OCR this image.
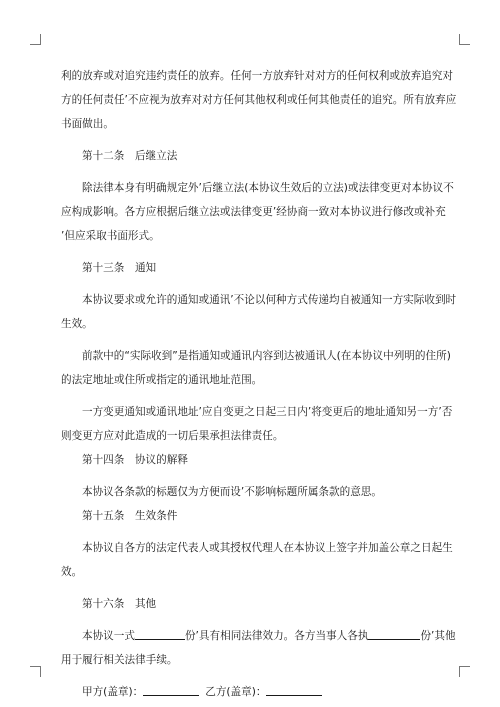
利的放弃或对追究违约责任的放弃。任何一方放弃针对对方的任何权利或放弃追究对
方的任何责任’不应视为放弃对对方任何其他权利或任何其他责任的追究。所有放弃应
书面做出。
第十二条　后继立法
除法律本身有明确规定外’后继立法(本协议生效后的立法)或法律变更对本协议不
应构成影响。各方应根据后继立法或法律变更’经协商一致对本协议进行修改或补充
’但应采取书面形式。
第十三条　通知
本协议要求或允许的通知或通讯’不论以何种方式传递均自被通知一方实际收到时
生效。
前款中的“实际收到”是指通知或通讯内容到达被通讯人(在本协议中列明的住所)
的法定地址或住所或指定的通讯地址范围。
一方变更通知或通讯地址’应自变更之日起三日内’将变更后的地址通知另一方’否
则变更方应对此造成的一切后果承担法律责任。
第十四条　协议的解释
本协议各条款的标题仅为方便而设’不影响标题所属条款的意思。
第十五条　生效条件
本协议自各方的法定代表人或其授权代理人在本协议上签字并加盖公章之日起生
效。
第十六条　其他
本协议一式	份’具有相同法律效力。各方当事人各执	份’其他
用于履行相关法律手续。
甲方(盖章)：	乙方(盖章)：
